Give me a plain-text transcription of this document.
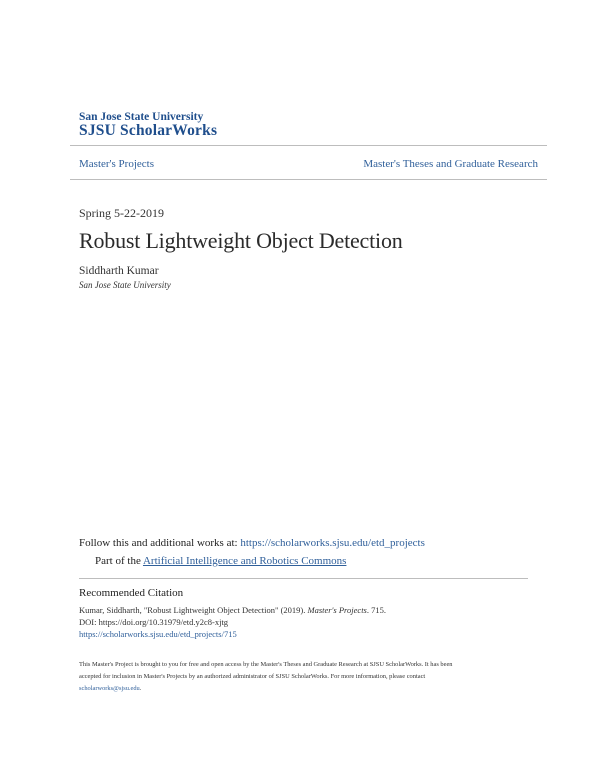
San Jose State University
SJSU ScholarWorks
Master's Projects	Master's Theses and Graduate Research
Spring 5-22-2019
Robust Lightweight Object Detection
Siddharth Kumar
San Jose State University
Follow this and additional works at: https://scholarworks.sjsu.edu/etd_projects
Part of the Artificial Intelligence and Robotics Commons
Recommended Citation
Kumar, Siddharth, "Robust Lightweight Object Detection" (2019). Master's Projects. 715.
DOI: https://doi.org/10.31979/etd.y2c8-xjtg
https://scholarworks.sjsu.edu/etd_projects/715
This Master's Project is brought to you for free and open access by the Master's Theses and Graduate Research at SJSU ScholarWorks. It has been
accepted for inclusion in Master's Projects by an authorized administrator of SJSU ScholarWorks. For more information, please contact
scholarworks@sjsu.edu.
